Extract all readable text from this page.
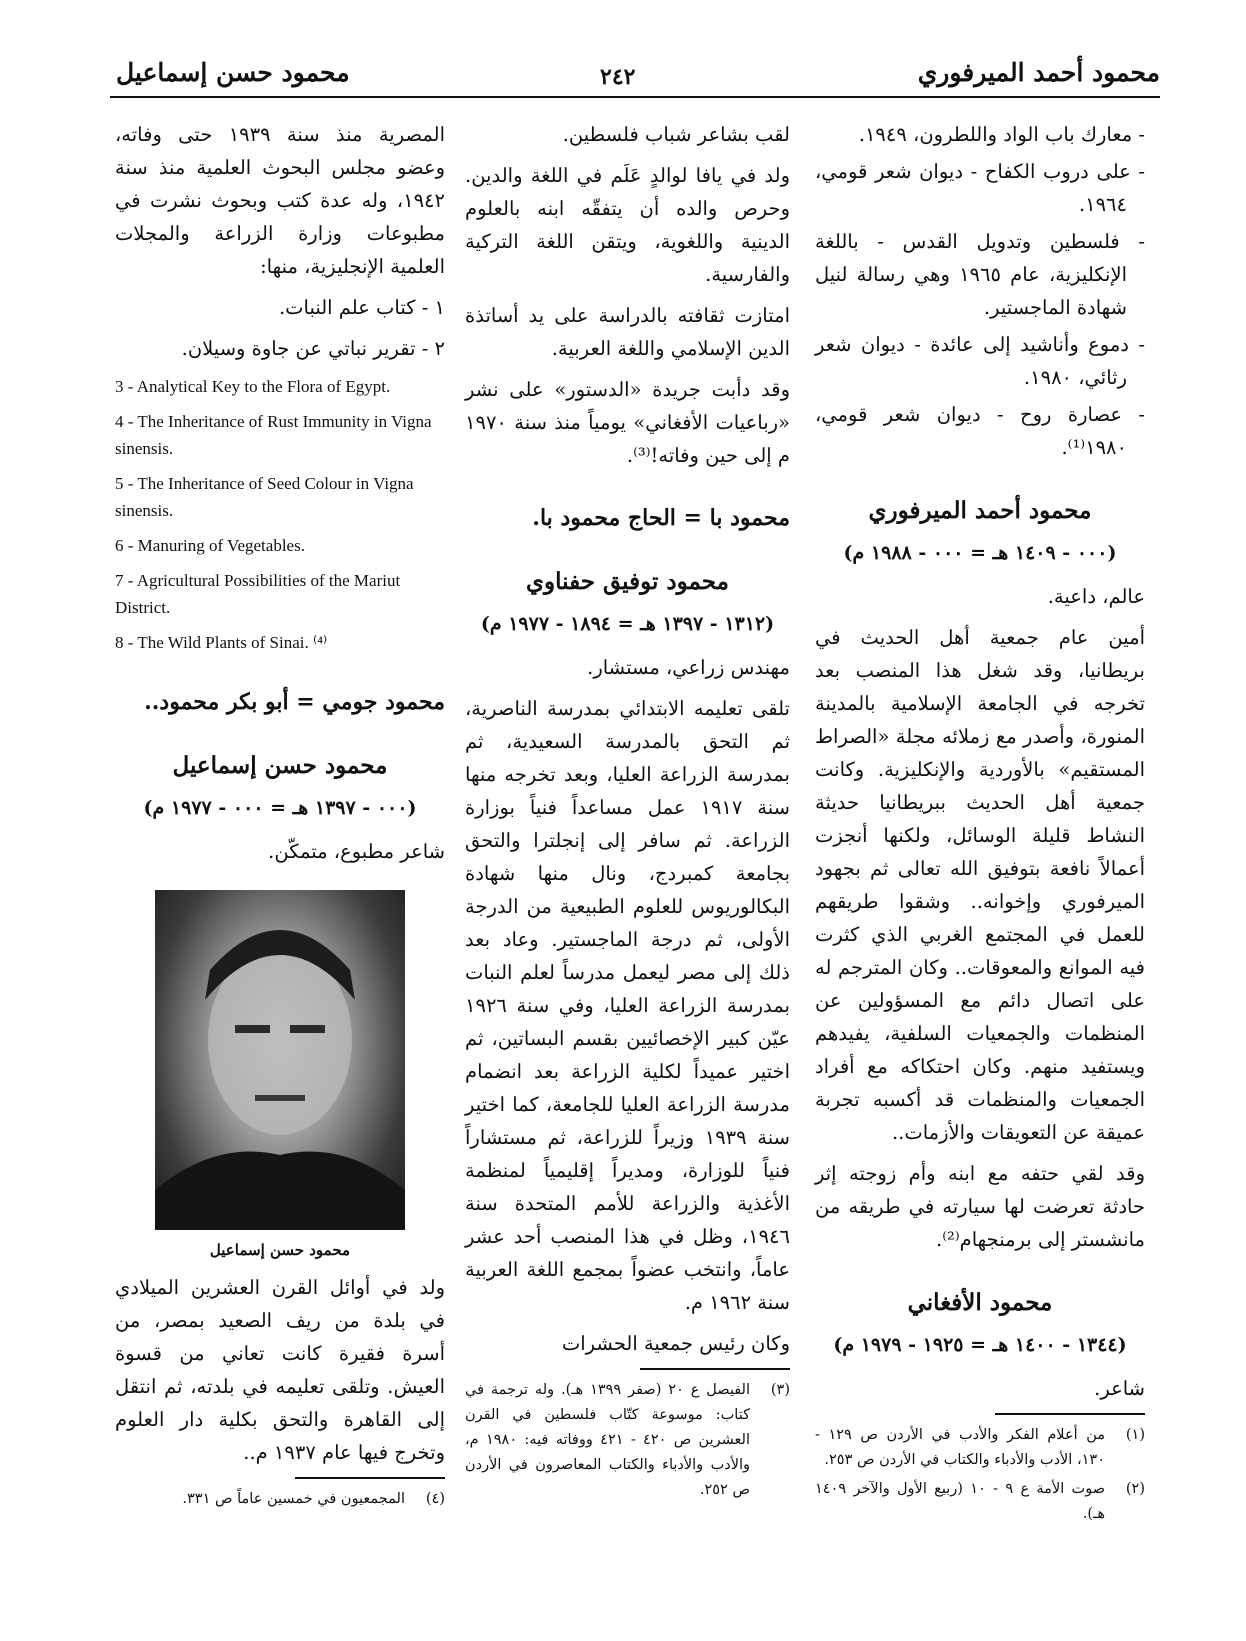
محمود أحمد الميرفوري
٢٤٢
محمود حسن إسماعيل

- معارك باب الواد واللطرون، ١٩٤٩.

- على دروب الكفاح - ديوان شعر قومي، ١٩٦٤.

- فلسطين وتدويل القدس - باللغة الإنكليزية، عام ١٩٦٥ وهي رسالة لنيل شهادة الماجستير.

- دموع وأناشيد إلى عائدة - ديوان شعر رثائي، ١٩٨٠.

- عصارة روح - ديوان شعر قومي، ١٩٨٠⁽¹⁾.

محمود أحمد الميرفوري
(٠٠٠ - ١٤٠٩ هـ = ٠٠٠ - ١٩٨٨ م)

عالم، داعية.

أمين عام جمعية أهل الحديث في بريطانيا، وقد شغل هذا المنصب بعد تخرجه في الجامعة الإسلامية بالمدينة المنورة، وأصدر مع زملائه مجلة «الصراط المستقيم» بالأوردية والإنكليزية. وكانت جمعية أهل الحديث ببريطانيا حديثة النشاط قليلة الوسائل، ولكنها أنجزت أعمالاً نافعة بتوفيق الله تعالى ثم بجهود الميرفوري وإخوانه.. وشقوا طريقهم للعمل في المجتمع الغربي الذي كثرت فيه الموانع والمعوقات.. وكان المترجم له على اتصال دائم مع المسؤولين عن المنظمات والجمعيات السلفية، يفيدهم ويستفيد منهم. وكان احتكاكه مع أفراد الجمعيات والمنظمات قد أكسبه تجربة عميقة عن التعويقات والأزمات..

وقد لقي حتفه مع ابنه وأم زوجته إثر حادثة تعرضت لها سيارته في طريقه من مانشستر إلى برمنجهام⁽²⁾.

محمود الأفغاني
(١٣٤٤ - ١٤٠٠ هـ = ١٩٢٥ - ١٩٧٩ م)

شاعر.

(١)
من أعلام الفكر والأدب في الأردن ص ١٢٩ - ١٣٠، الأدب والأدباء والكتاب في الأردن ص ٢٥٣.
(٢)
صوت الأمة ع ٩ - ١٠ (ربيع الأول والآخر ١٤٠٩ هـ).

لقب بشاعر شباب فلسطين.

ولد في يافا لوالدٍ عَلَم في اللغة والدين. وحرص والده أن يتفقّه ابنه بالعلوم الدينية واللغوية، ويتقن اللغة التركية والفارسية.

امتازت ثقافته بالدراسة على يد أساتذة الدين الإسلامي واللغة العربية.

وقد دأبت جريدة «الدستور» على نشر «رباعيات الأفغاني» يومياً منذ سنة ١٩٧٠ م إلى حين وفاته!⁽³⁾.

محمود با = الحاج محمود با.
محمود توفيق حفناوي
(١٣١٢ - ١٣٩٧ هـ = ١٨٩٤ - ١٩٧٧ م)

مهندس زراعي، مستشار.

تلقى تعليمه الابتدائي بمدرسة الناصرية، ثم التحق بالمدرسة السعيدية، ثم بمدرسة الزراعة العليا، وبعد تخرجه منها سنة ١٩١٧ عمل مساعداً فنياً بوزارة الزراعة. ثم سافر إلى إنجلترا والتحق بجامعة كمبردج، ونال منها شهادة البكالوريوس للعلوم الطبيعية من الدرجة الأولى، ثم درجة الماجستير. وعاد بعد ذلك إلى مصر ليعمل مدرساً لعلم النبات بمدرسة الزراعة العليا، وفي سنة ١٩٢٦ عيّن كبير الإخصائيين بقسم البساتين، ثم اختير عميداً لكلية الزراعة بعد انضمام مدرسة الزراعة العليا للجامعة، كما اختير سنة ١٩٣٩ وزيراً للزراعة، ثم مستشاراً فنياً للوزارة، ومديراً إقليمياً لمنظمة الأغذية والزراعة للأمم المتحدة سنة ١٩٤٦، وظل في هذا المنصب أحد عشر عاماً، وانتخب عضواً بمجمع اللغة العربية سنة ١٩٦٢ م.

وكان رئيس جمعية الحشرات

(٣)
الفيصل ع ٢٠ (صفر ١٣٩٩ هـ). وله ترجمة في كتاب: موسوعة كتّاب فلسطين في القرن العشرين ص ٤٢٠ - ٤٢١ ووفاته فيه: ١٩٨٠ م، والأدب والأدباء والكتاب المعاصرون في الأردن ص ٢٥٢.

المصرية منذ سنة ١٩٣٩ حتى وفاته، وعضو مجلس البحوث العلمية منذ سنة ١٩٤٢، وله عدة كتب وبحوث نشرت في مطبوعات وزارة الزراعة والمجلات العلمية الإنجليزية، منها:

١ - كتاب علم النبات.

٢ - تقرير نباتي عن جاوة وسيلان.

3 - Analytical Key to the Flora of Egypt.

4 - The Inheritance of Rust Immunity in Vigna sinensis.

5 - The Inheritance of Seed Colour in Vigna sinensis.

6 - Manuring of Vegetables.

7 - Agricultural Possibilities of the Mariut District.

8 - The Wild Plants of Sinai. ⁽⁴⁾

محمود جومي = أبو بكر محمود..
محمود حسن إسماعيل
(٠٠٠ - ١٣٩٧ هـ = ٠٠٠ - ١٩٧٧ م)

شاعر مطبوع، متمكّن.

محمود حسن إسماعيل

ولد في أوائل القرن العشرين الميلادي في بلدة من ريف الصعيد بمصر، من أسرة فقيرة كانت تعاني من قسوة العيش. وتلقى تعليمه في بلدته، ثم انتقل إلى القاهرة والتحق بكلية دار العلوم وتخرج فيها عام ١٩٣٧ م..

(٤)
المجمعيون في خمسين عاماً ص ٣٣١.
